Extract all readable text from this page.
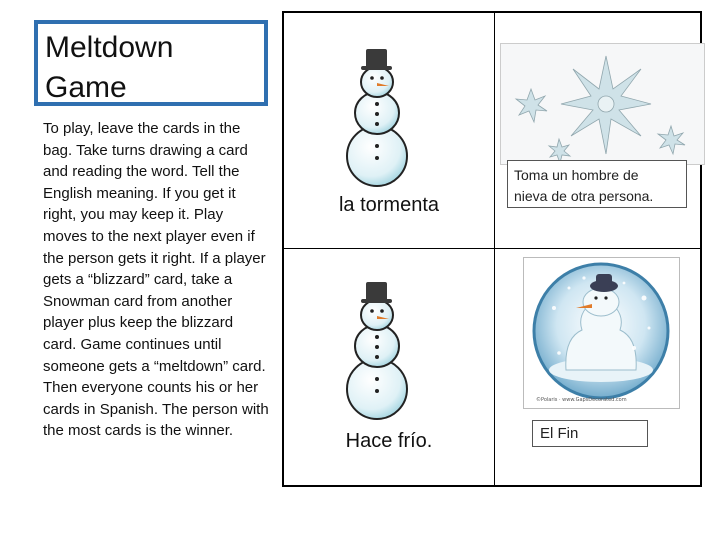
Meltdown
Game
To play, leave the cards in the bag. Take turns drawing a card and reading the word. Tell the English meaning. If you get it right, you may keep it. Play moves to the next player even if the person gets it right. If a player gets a “blizzard” card, take a Snowman card from another player plus keep the blizzard card. Game continues until someone gets a “meltdown” card. Then everyone counts his or her cards in Spanish. The person with the most cards is the winner.
la tormenta
Toma un hombre de
nieva de otra persona.
Hace frío.
©Polaris · www.GapsDecorated.com
El Fin
